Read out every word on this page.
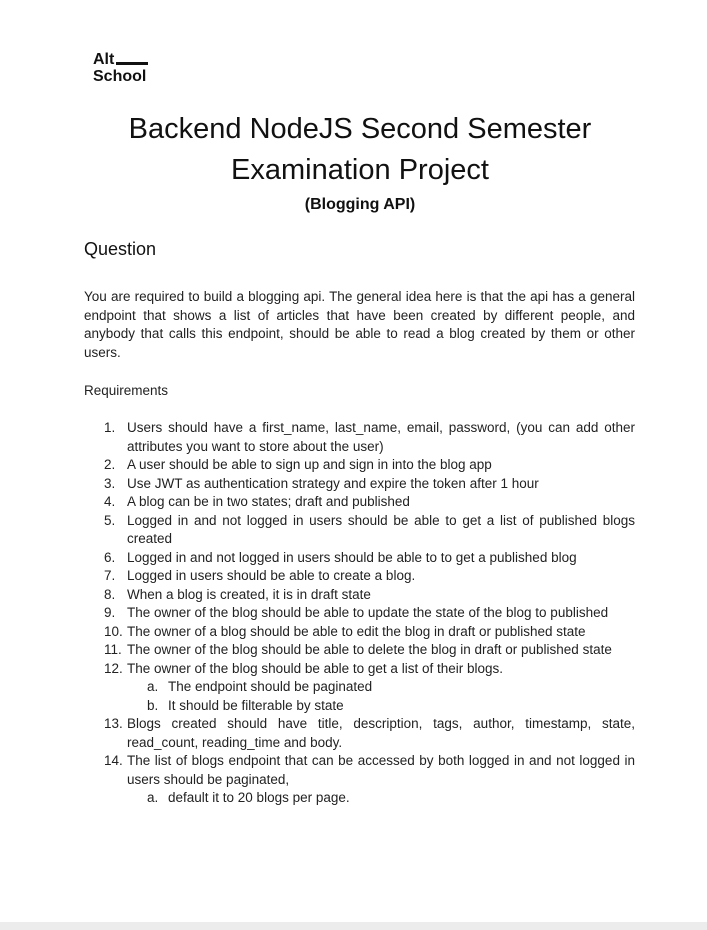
Alt
School
Backend NodeJS Second Semester
Examination Project
(Blogging API)
Question
You are required to build a blogging api. The general idea here is that the api has a general endpoint that shows a list of articles that have been created by different people, and anybody that calls this endpoint, should be able to read a blog created by them or other users.
Requirements
1. Users should have a first_name, last_name, email, password, (you can add other attributes you want to store about the user)
2. A user should be able to sign up and sign in into the blog app
3. Use JWT as authentication strategy and expire the token after 1 hour
4. A blog can be in two states; draft and published
5. Logged in and not logged in users should be able to get a list of published blogs created
6. Logged in and not logged in users should be able to to get a published blog
7. Logged in users should be able to create a blog.
8. When a blog is created, it is in draft state
9. The owner of the blog should be able to update the state of the blog to published
10. The owner of a blog should be able to edit the blog in draft or published state
11. The owner of the blog should be able to delete the blog in draft or published state
12. The owner of the blog should be able to get a list of their blogs.
a. The endpoint should be paginated
b. It should be filterable by state
13. Blogs created should have title, description, tags, author, timestamp, state, read_count, reading_time and body.
14. The list of blogs endpoint that can be accessed by both logged in and not logged in users should be paginated,
a. default it to 20 blogs per page.
